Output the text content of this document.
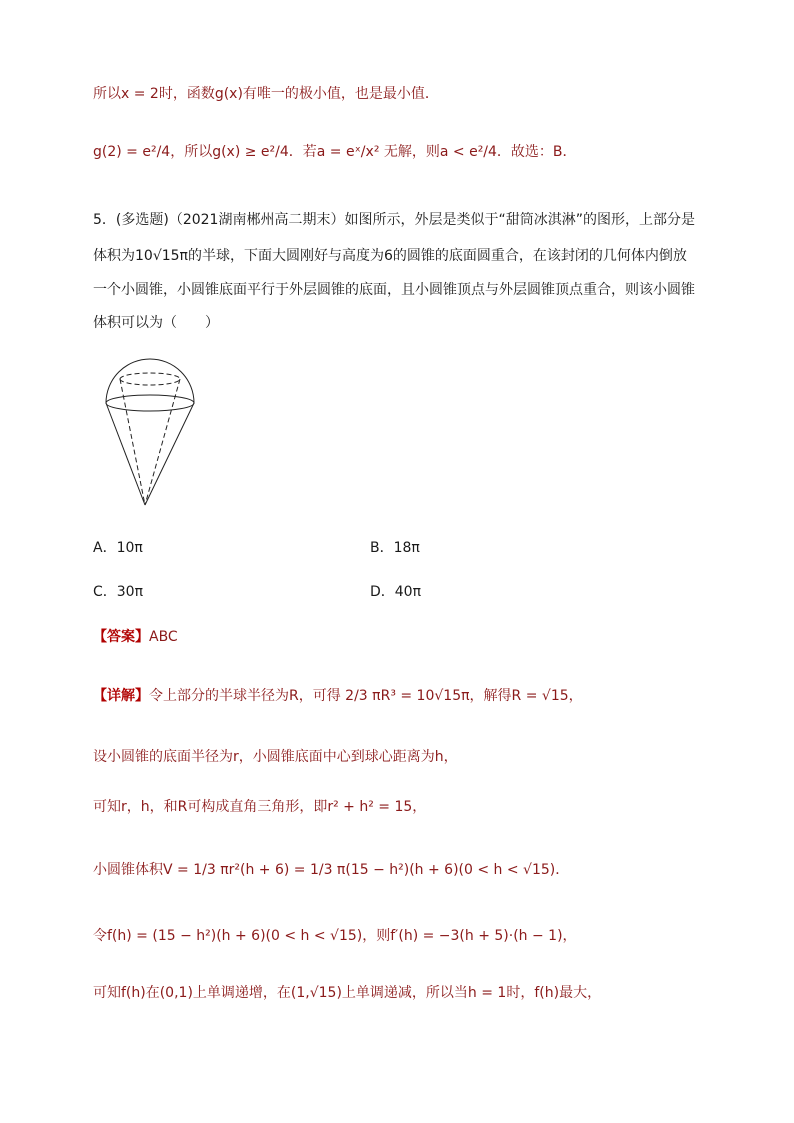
所以x = 2时，函数g(x)有唯一的极小值，也是最小值．
g(2) = e²/4，所以g(x) ≥ e²/4．若a = eˣ/x² 无解，则a < e²/4．故选：B．
5．(多选题)（2021湖南郴州高二期末）如图所示，外层是类似于“甜筒冰淇淋”的图形，上部分是
体积为10√15π的半球，下面大圆刚好与高度为6的圆锥的底面圆重合，在该封闭的几何体内倒放
一个小圆锥，小圆锥底面平行于外层圆锥的底面，且小圆锥顶点与外层圆锥顶点重合，则该小圆锥
体积可以为（　　）
A．10π	B．18π
C．30π	D．40π
【答案】ABC
【详解】令上部分的半球半径为R，可得 2/3 πR³ = 10√15π，解得R = √15，
设小圆锥的底面半径为r，小圆锥底面中心到球心距离为h，
可知r，h，和R可构成直角三角形，即r² + h² = 15，
小圆锥体积V = 1/3 πr²(h + 6) = 1/3 π(15 − h²)(h + 6)(0 < h < √15)．
令f(h) = (15 − h²)(h + 6)(0 < h < √15)，则f′(h) = −3(h + 5)·(h − 1)，
可知f(h)在(0,1)上单调递增，在(1,√15)上单调递减，所以当h = 1时，f(h)最大，
